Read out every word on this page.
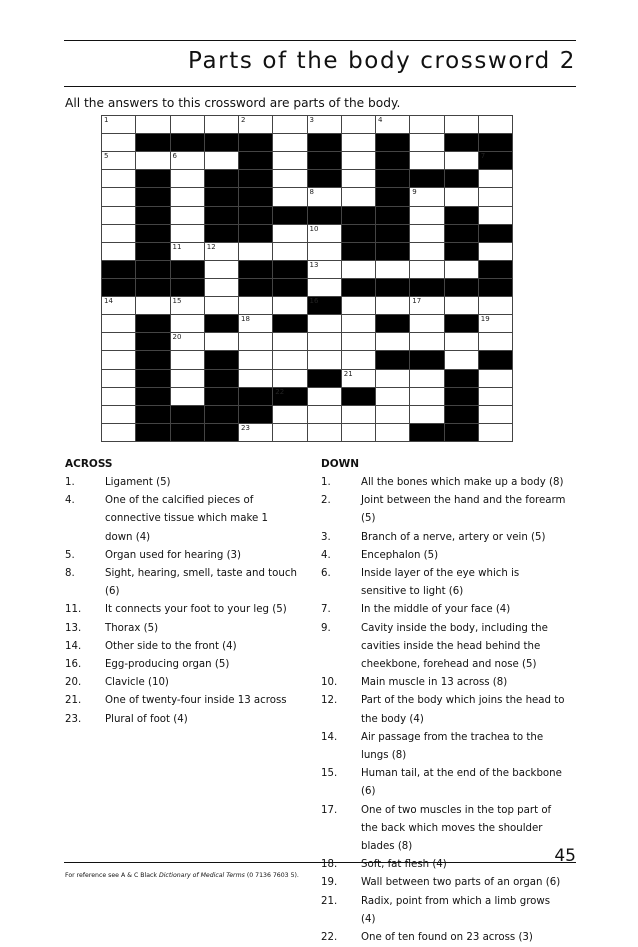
Parts of the body crossword 2
All the answers to this crossword are parts of the body.
1	2	3	4
5	6	7
8	9
10
11	12
13
14	15	16	17
18	19
20
21
22
23
ACROSS
1.	Ligament (5)
4.	One of the calcified pieces of connective tissue which make 1 down (4)
5.	Organ used for hearing (3)
8.	Sight, hearing, smell, taste and touch (6)
11.	It connects your foot to your leg (5)
13.	Thorax (5)
14.	Other side to the front (4)
16.	Egg-producing organ (5)
20.	Clavicle (10)
21.	One of twenty-four inside 13 across
23.	Plural of foot (4)
DOWN
1.	All the bones which make up a body (8)
2.	Joint between the hand and the forearm (5)
3.	Branch of a nerve, artery or vein (5)
4.	Encephalon (5)
6.	Inside layer of the eye which is sensitive to light (6)
7.	In the middle of your face (4)
9.	Cavity inside the body, including the cavities inside the head behind the cheekbone, forehead and nose (5)
10.	Main muscle in 13 across (8)
12.	Part of the body which joins the head to the body (4)
14.	Air passage from the trachea to the lungs (8)
15.	Human tail, at the end of the backbone (6)
17.	One of two muscles in the top part of the back which moves the shoulder blades (8)
18.	Soft, fat flesh (4)
19.	Wall between two parts of an organ (6)
21.	Radix, point from which a limb grows (4)
22.	One of ten found on 23 across (3)
45
For reference see A & C Black Dictionary of Medical Terms (0 7136 7603 5).
